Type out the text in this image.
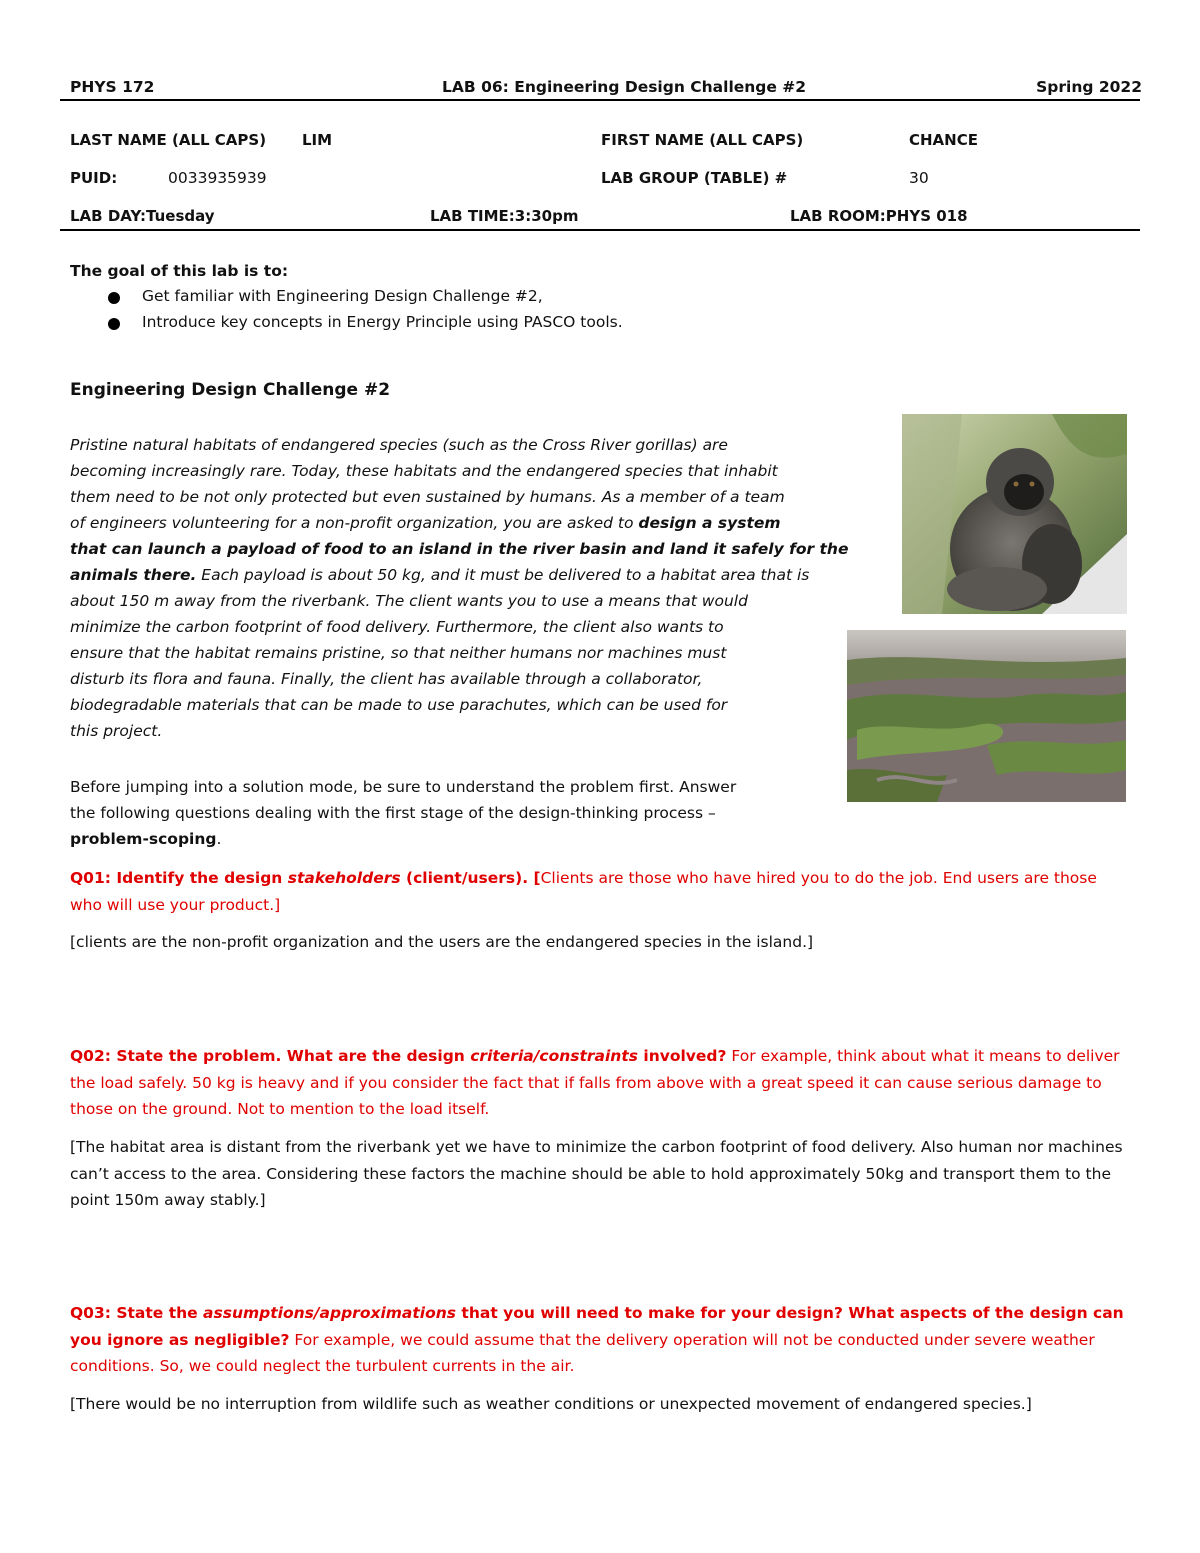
PHYS 172	LAB 06: Engineering Design Challenge #2	Spring 2022
LAST NAME (ALL CAPS) LIM	FIRST NAME (ALL CAPS)	CHANCE
PUID:	0033935939	LAB GROUP (TABLE) #	30
LAB DAY:Tuesday	LAB TIME:3:30pm	LAB ROOM:PHYS 018
The goal of this lab is to:
Get familiar with Engineering Design Challenge #2,
Introduce key concepts in Energy Principle using PASCO tools.
Engineering Design Challenge #2
Pristine natural habitats of endangered species (such as the Cross River gorillas) are
becoming increasingly rare. Today, these habitats and the endangered species that inhabit
them need to be not only protected but even sustained by humans. As a member of a team
of engineers volunteering for a non-profit organization, you are asked to design a system
that can launch a payload of food to an island in the river basin and land it safely for the
animals there. Each payload is about 50 kg, and it must be delivered to a habitat area that is
about 150 m away from the riverbank. The client wants you to use a means that would
minimize the carbon footprint of food delivery. Furthermore, the client also wants to
ensure that the habitat remains pristine, so that neither humans nor machines must
disturb its flora and fauna. Finally, the client has available through a collaborator,
biodegradable materials that can be made to use parachutes, which can be used for
this project.
Before jumping into a solution mode, be sure to understand the problem first. Answer
the following questions dealing with the first stage of the design-thinking process –
problem-scoping.
Q01: Identify the design stakeholders (client/users). [Clients are those who have hired you to do the job. End users are those who will use your product.]
[clients are the non-profit organization and the users are the endangered species in the island.]
Q02: State the problem. What are the design criteria/constraints involved? For example, think about what it means to deliver the load safely. 50 kg is heavy and if you consider the fact that if falls from above with a great speed it can cause serious damage to those on the ground. Not to mention to the load itself.
[The habitat area is distant from the riverbank yet we have to minimize the carbon footprint of food delivery. Also human nor machines can’t access to the area. Considering these factors the machine should be able to hold approximately 50kg and transport them to the point 150m away stably.]
Q03: State the assumptions/approximations that you will need to make for your design? What aspects of the design can you ignore as negligible? For example, we could assume that the delivery operation will not be conducted under severe weather conditions. So, we could neglect the turbulent currents in the air.
[There would be no interruption from wildlife such as weather conditions or unexpected movement of endangered species.]
